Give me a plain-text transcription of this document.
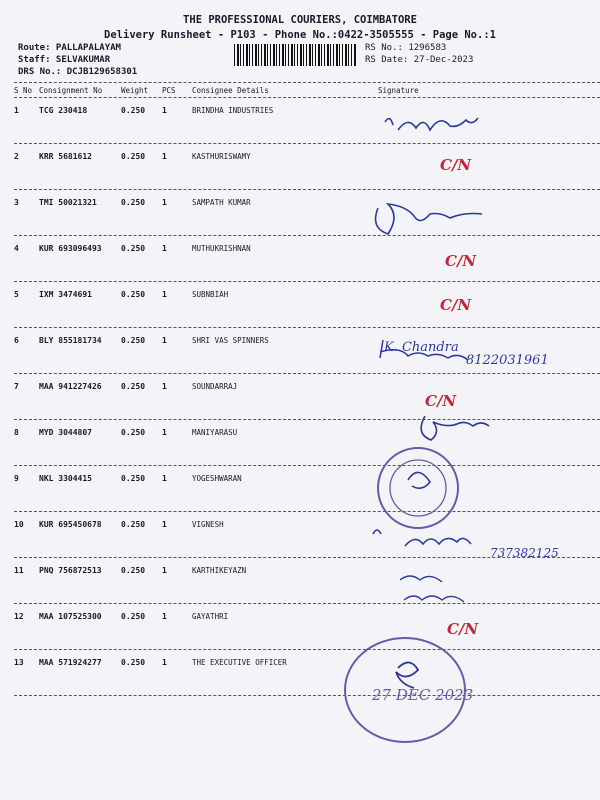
THE PROFESSIONAL COURIERS, COIMBATORE
Delivery Runsheet - P103 - Phone No.:0422-3505555 - Page No.:1
Route: PALLAPALAYAM
Staff: SELVAKUMAR
DRS No.: DCJB129658301
RS No.: 1296583
RS Date: 27-Dec-2023
S No Consignment No	Weight PCS Consignee Details	Signature
1	TCG 230418	0.250 1	BRINDHA INDUSTRIES
2	KRR 5681612	0.250 1	KASTHURISWAMY
3	TMI 50021321	0.250 1	SAMPATH KUMAR
4	KUR 693096493 0.250 1	MUTHUKRISHNAN
5	IXM 3474691	0.250 1	SUBNBIAH
6	BLY 855181734 0.250 1	SHRI VAS SPINNERS
7	MAA 941227426 0.250 1	SOUNDARRAJ
8	MYD 3044807	0.250 1	MANIYARASU
9	NKL 3304415	0.250 1	YOGESHWARAN
10 KUR 695450678 0.250 1	VIGNESH
11 PNQ 756872513 0.250 1	KARTHIKEYAZN
12 MAA 107525300 0.250 1	GAYATHRI
13 MAA 571924277 0.250 1	THE EXECUTIVE OFFICER
C/N
C/N
C/N
C/N
C/N
K. Chandra
8122031961
737382125
27 DEC 2023
